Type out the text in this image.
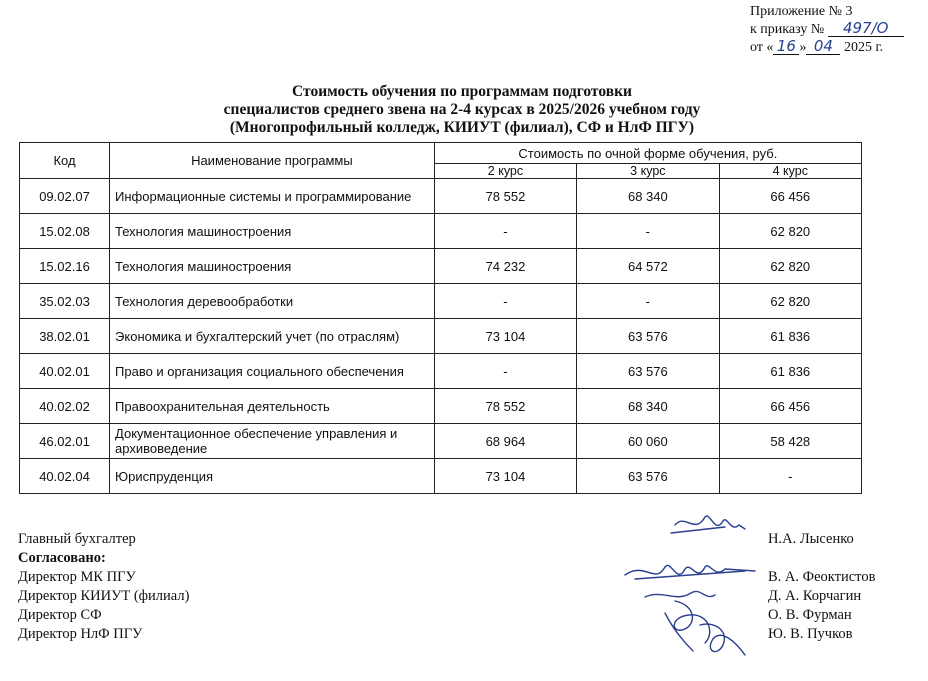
Приложение № 3
к приказу № 497/О
от « 16 » 04 2025 г.
Стоимость обучения по программам подготовки
специалистов среднего звена на 2-4 курсах в 2025/2026 учебном году
(Многопрофильный колледж, КИИУТ (филиал), СФ и НлФ ПГУ)
Код	Наименование программы	Стоимость по очной форме обучения, руб.		
		2 курс	3 курс	4 курс
09.02.07	Информационные системы и программирование	78 552	68 340	66 456
15.02.08	Технология машиностроения	-	-	62 820
15.02.16	Технология машиностроения	74 232	64 572	62 820
35.02.03	Технология деревообработки	-	-	62 820
38.02.01	Экономика и бухгалтерский учет (по отраслям)	73 104	63 576	61 836
40.02.01	Право и организация социального обеспечения	-	63 576	61 836
40.02.02	Правоохранительная деятельность	78 552	68 340	66 456
46.02.01	Документационное обеспечение управления и архивоведение	68 964	60 060	58 428
40.02.04	Юриспруденция	73 104	63 576	-
Главный бухгалтер	Н.А. Лысенко
Согласовано:
Директор МК ПГУ	В. А. Феоктистов
Директор КИИУТ (филиал)	Д. А. Корчагин
Директор СФ	О. В. Фурман
Директор НлФ ПГУ	Ю. В. Пучков
